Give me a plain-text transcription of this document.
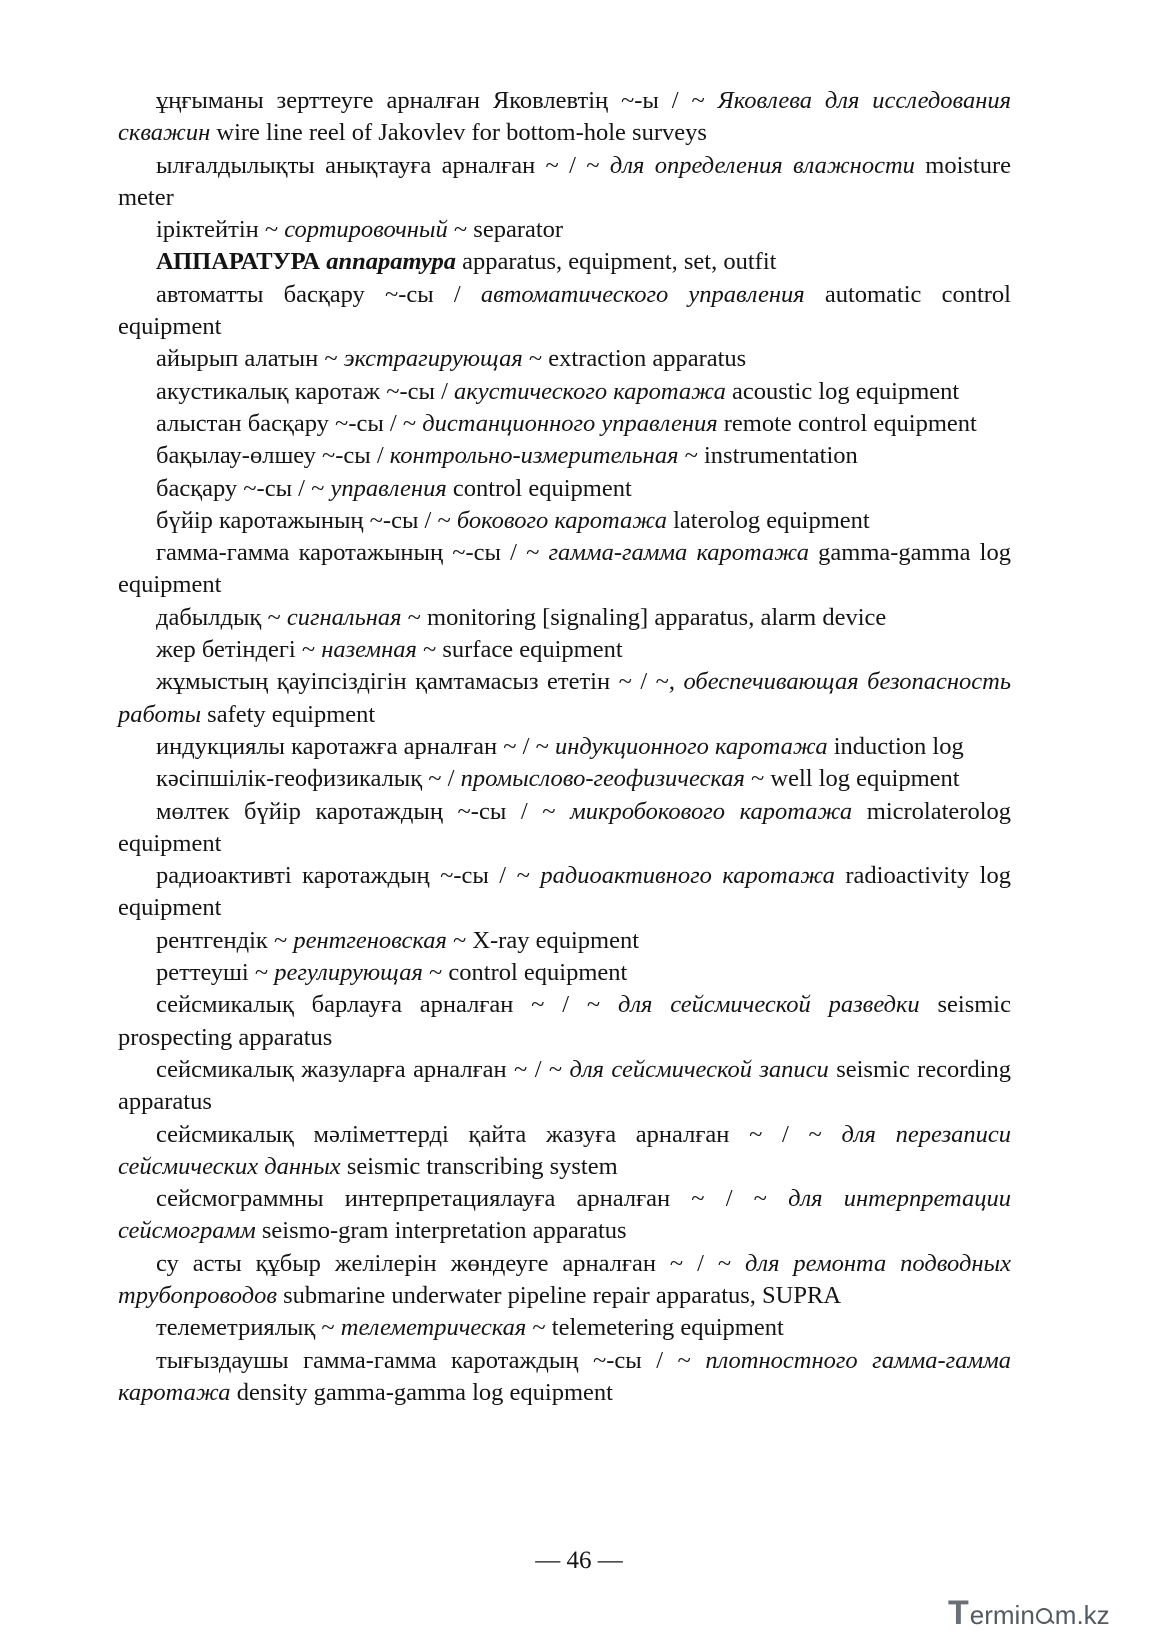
ұңғыманы зерттеуге арналған Яковлевтің ~-ы / ~ Яковлева для исследования скважин wire line reel of Jakovlev for bottom-hole surveys

ылғалдылықты анықтауға арналған ~ / ~ для определения влажности moisture meter

іріктейтін ~ сортировочный ~ separator

АППАРАТУРА аппаратура apparatus, equipment, set, outfit

автоматты басқару ~-сы / автоматического управления automatic control equipment

айырып алатын ~ экстрагирующая ~ extraction apparatus

акустикалық каротаж ~-сы / акустического каротажа acoustic log equipment

алыстан басқару ~-сы / ~ дистанционного управления remote control equipment

бақылау-өлшеу ~-сы / контрольно-измерительная ~ instrumentation

басқару ~-сы / ~ управления control equipment

бүйір каротажының ~-сы / ~ бокового каротажа laterolog equipment

гамма-гамма каротажының ~-сы / ~ гамма-гамма каротажа gamma-gamma log equipment

дабылдық ~ сигнальная ~ monitoring [signaling] apparatus, alarm device

жер бетіндегі ~ наземная ~ surface equipment

жұмыстың қауіпсіздігін қамтамасыз ететін ~ / ~, обеспечивающая безопасность работы safety equipment

индукциялы каротажға арналған ~ / ~ индукционного каротажа induction log

кәсіпшілік-геофизикалық ~ / промыслово-геофизическая ~ well log equipment

мөлтек бүйір каротаждың ~-сы / ~ микробокового каротажа microlaterolog equipment

радиоактивті каротаждың ~-сы / ~ радиоактивного каротажа radioactivity log equipment

рентгендік ~ рентгеновская ~ X-ray equipment

реттеуші ~ регулирующая ~ control equipment

сейсмикалық барлауға арналған ~ / ~ для сейсмической разведки seismic prospecting apparatus

сейсмикалық жазуларға арналған ~ / ~ для сейсмической записи seismic recording apparatus

сейсмикалық мәліметтерді қайта жазуға арналған ~ / ~ для перезаписи сейсмических данных seismic transcribing system

сейсмограммны интерпретациялауға арналған ~ / ~ для интерпретации сейсмограмм seismo-gram interpretation apparatus

су асты құбыр желілерін жөндеуге арналған ~ / ~ для ремонта подводных трубопроводов submarine underwater pipeline repair apparatus, SUPRA

телеметриялық ~ телеметрическая ~ telemetering equipment

тығыздаушы гамма-гамма каротаждың ~-сы / ~ плотностного гамма-гамма каротажа density gamma-gamma log equipment

— 46 —
Termin m.kz
